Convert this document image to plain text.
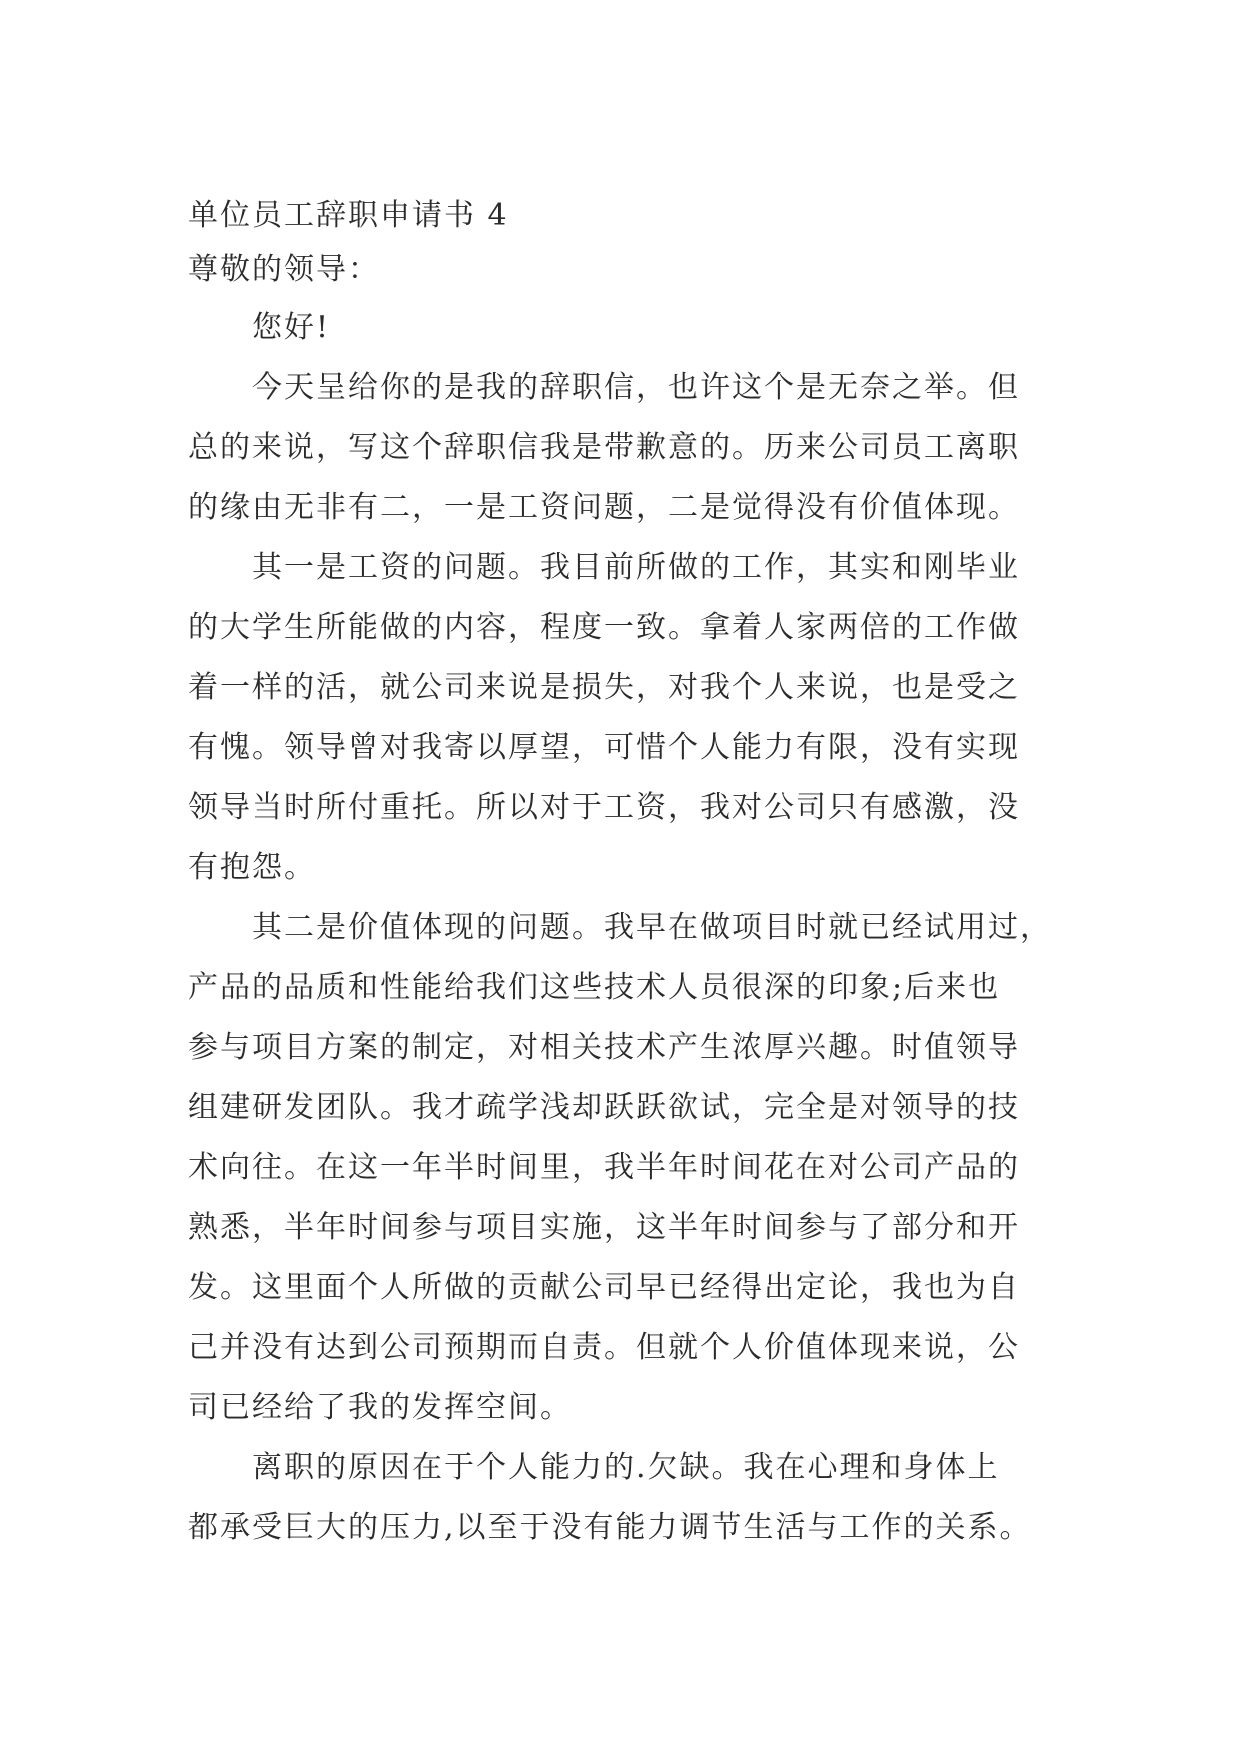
单位员工辞职申请书 4
尊敬的领导：
您好!
今天呈给你的是我的辞职信，也许这个是无奈之举。但
总的来说，写这个辞职信我是带歉意的。历来公司员工离职
的缘由无非有二，一是工资问题，二是觉得没有价值体现。
其一是工资的问题。我目前所做的工作，其实和刚毕业
的大学生所能做的内容，程度一致。拿着人家两倍的工作做
着一样的活，就公司来说是损失，对我个人来说，也是受之
有愧。领导曾对我寄以厚望，可惜个人能力有限，没有实现
领导当时所付重托。所以对于工资，我对公司只有感激，没
有抱怨。
其二是价值体现的问题。我早在做项目时就已经试用过，
产品的品质和性能给我们这些技术人员很深的印象;后来也
参与项目方案的制定，对相关技术产生浓厚兴趣。时值领导
组建研发团队。我才疏学浅却跃跃欲试，完全是对领导的技
术向往。在这一年半时间里，我半年时间花在对公司产品的
熟悉，半年时间参与项目实施，这半年时间参与了部分和开
发。这里面个人所做的贡献公司早已经得出定论，我也为自
己并没有达到公司预期而自责。但就个人价值体现来说，公
司已经给了我的发挥空间。
离职的原因在于个人能力的.欠缺。我在心理和身体上
都承受巨大的压力,以至于没有能力调节生活与工作的关系。
